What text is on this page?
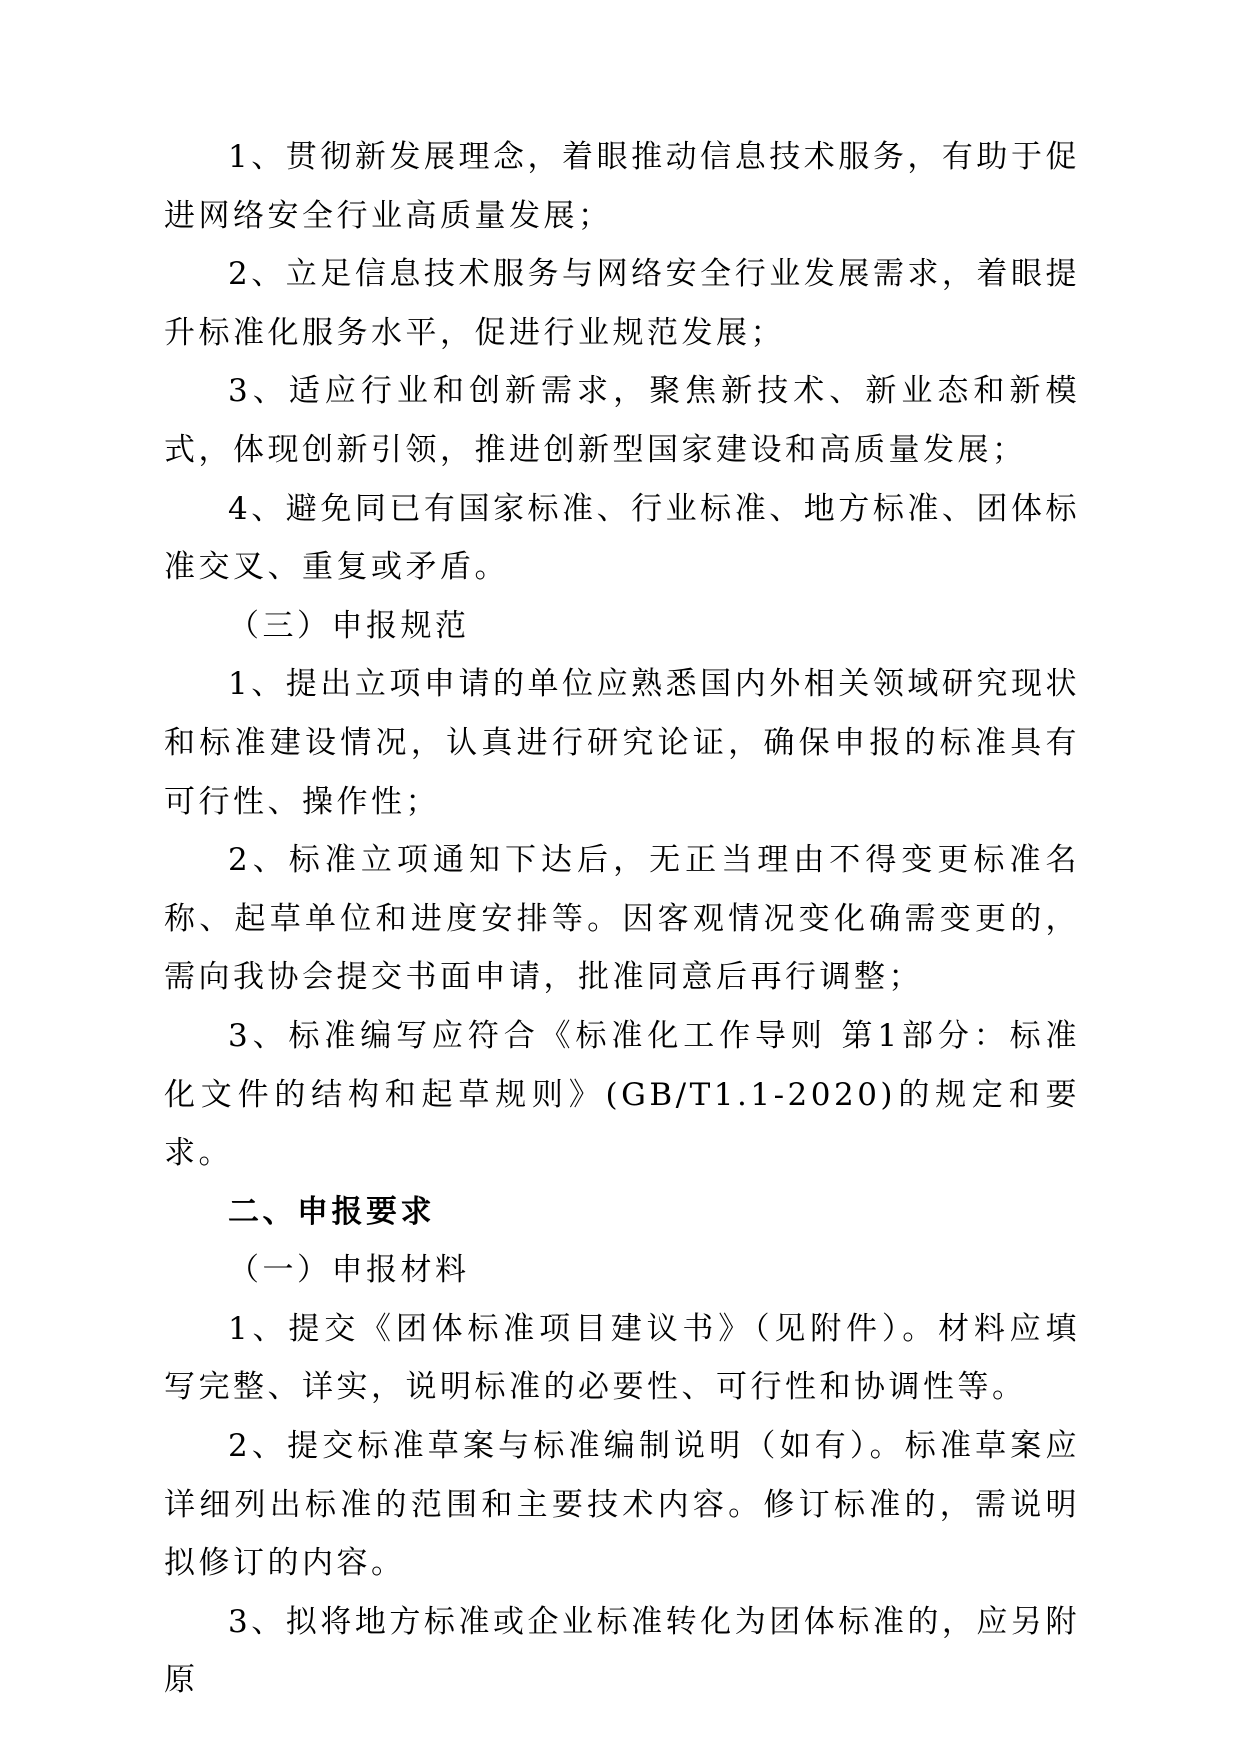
1、贯彻新发展理念，着眼推动信息技术服务，有助于促进网络安全行业高质量发展；

2、立足信息技术服务与网络安全行业发展需求，着眼提升标准化服务水平，促进行业规范发展；

3、适应行业和创新需求，聚焦新技术、新业态和新模式，体现创新引领，推进创新型国家建设和高质量发展；

4、避免同已有国家标准、行业标准、地方标准、团体标准交叉、重复或矛盾。

（三）申报规范

1、提出立项申请的单位应熟悉国内外相关领域研究现状和标准建设情况，认真进行研究论证，确保申报的标准具有可行性、操作性；

2、标准立项通知下达后，无正当理由不得变更标准名称、起草单位和进度安排等。因客观情况变化确需变更的，需向我协会提交书面申请，批准同意后再行调整；

3、标准编写应符合《标准化工作导则 第1部分：标准化文件的结构和起草规则》(GB/T1.1-2020)的规定和要求。

二、申报要求

（一）申报材料

1、提交《团体标准项目建议书》（见附件）。材料应填写完整、详实，说明标准的必要性、可行性和协调性等。

2、提交标准草案与标准编制说明（如有）。标准草案应详细列出标准的范围和主要技术内容。修订标准的，需说明拟修订的内容。

3、拟将地方标准或企业标准转化为团体标准的，应另附原
